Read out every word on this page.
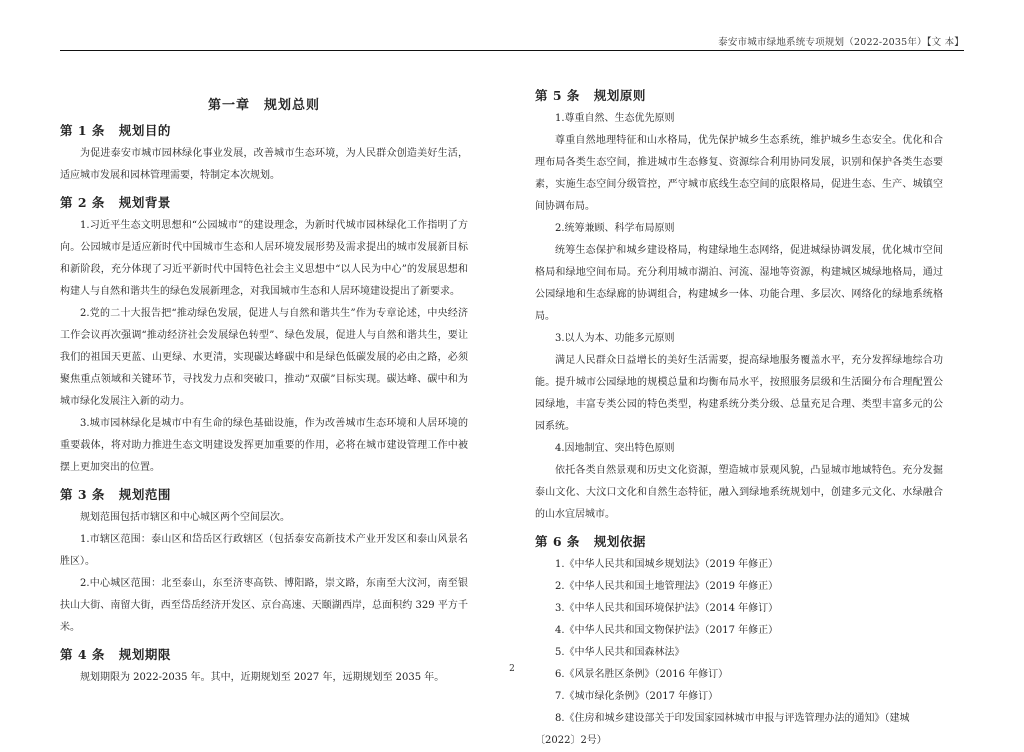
泰安市城市绿地系统专项规划（2022-2035年）【文 本】
第一章　规划总则
第 1 条 规划目的

为促进泰安市城市园林绿化事业发展，改善城市生态环境，为人民群众创造美好生活，适应城市发展和园林管理需要，特制定本次规划。

第 2 条 规划背景

1.习近平生态文明思想和“公园城市”的建设理念，为新时代城市园林绿化工作指明了方向。公园城市是适应新时代中国城市生态和人居环境发展形势及需求提出的城市发展新目标和新阶段，充分体现了习近平新时代中国特色社会主义思想中“以人民为中心”的发展思想和构建人与自然和谐共生的绿色发展新理念，对我国城市生态和人居环境建设提出了新要求。

2.党的二十大报告把“推动绿色发展，促进人与自然和谐共生”作为专章论述，中央经济工作会议再次强调“推动经济社会发展绿色转型”、绿色发展，促进人与自然和谐共生，要让我们的祖国天更蓝、山更绿、水更清，实现碳达峰碳中和是绿色低碳发展的必由之路，必须聚焦重点领域和关键环节，寻找发力点和突破口，推动“双碳”目标实现。碳达峰、碳中和为城市绿化发展注入新的动力。

3.城市园林绿化是城市中有生命的绿色基础设施，作为改善城市生态环境和人居环境的重要载体，将对助力推进生态文明建设发挥更加重要的作用，必将在城市建设管理工作中被摆上更加突出的位置。

第 3 条 规划范围

规划范围包括市辖区和中心城区两个空间层次。

1.市辖区范围：泰山区和岱岳区行政辖区（包括泰安高新技术产业开发区和泰山风景名胜区）。

2.中心城区范围：北至泰山，东至济枣高铁、博阳路，崇文路，东南至大汶河，南至银扶山大街、南留大街，西至岱岳经济开发区、京台高速、天颐湖西岸，总面积约 329 平方千米。

第 4 条 规划期限

规划期限为 2022-2035 年。其中，近期规划至 2027 年，远期规划至 2035 年。

第 5 条 规划原则

1.尊重自然、生态优先原则

尊重自然地理特征和山水格局，优先保护城乡生态系统，维护城乡生态安全。优化和合理布局各类生态空间，推进城市生态修复、资源综合利用协同发展，识别和保护各类生态要素，实施生态空间分级管控，严守城市底线生态空间的底限格局，促进生态、生产、城镇空间协调布局。

2.统筹兼顾、科学布局原则

统筹生态保护和城乡建设格局，构建绿地生态网络，促进城绿协调发展，优化城市空间格局和绿地空间布局。充分利用城市湖泊、河流、湿地等资源，构建城区城绿地格局，通过公园绿地和生态绿廊的协调组合，构建城乡一体、功能合理、多层次、网络化的绿地系统格局。

3.以人为本、功能多元原则

满足人民群众日益增长的美好生活需要，提高绿地服务覆盖水平，充分发挥绿地综合功能。提升城市公园绿地的规模总量和均衡布局水平，按照服务层级和生活圈分布合理配置公园绿地，丰富专类公园的特色类型，构建系统分类分级、总量充足合理、类型丰富多元的公园系统。

4.因地制宜、突出特色原则

依托各类自然景观和历史文化资源，塑造城市景观风貌，凸显城市地域特色。充分发掘泰山文化、大汶口文化和自然生态特征，融入到绿地系统规划中，创建多元文化、水绿融合的山水宜居城市。

第 6 条 规划依据

1.《中华人民共和国城乡规划法》（2019 年修正）

2.《中华人民共和国土地管理法》（2019 年修正）

3.《中华人民共和国环境保护法》（2014 年修订）

4.《中华人民共和国文物保护法》（2017 年修正）

5.《中华人民共和国森林法》

6.《风景名胜区条例》（2016 年修订）

7.《城市绿化条例》（2017 年修订）

8.《住房和城乡建设部关于印发国家园林城市申报与评选管理办法的通知》（建城〔2022〕2号）

2
